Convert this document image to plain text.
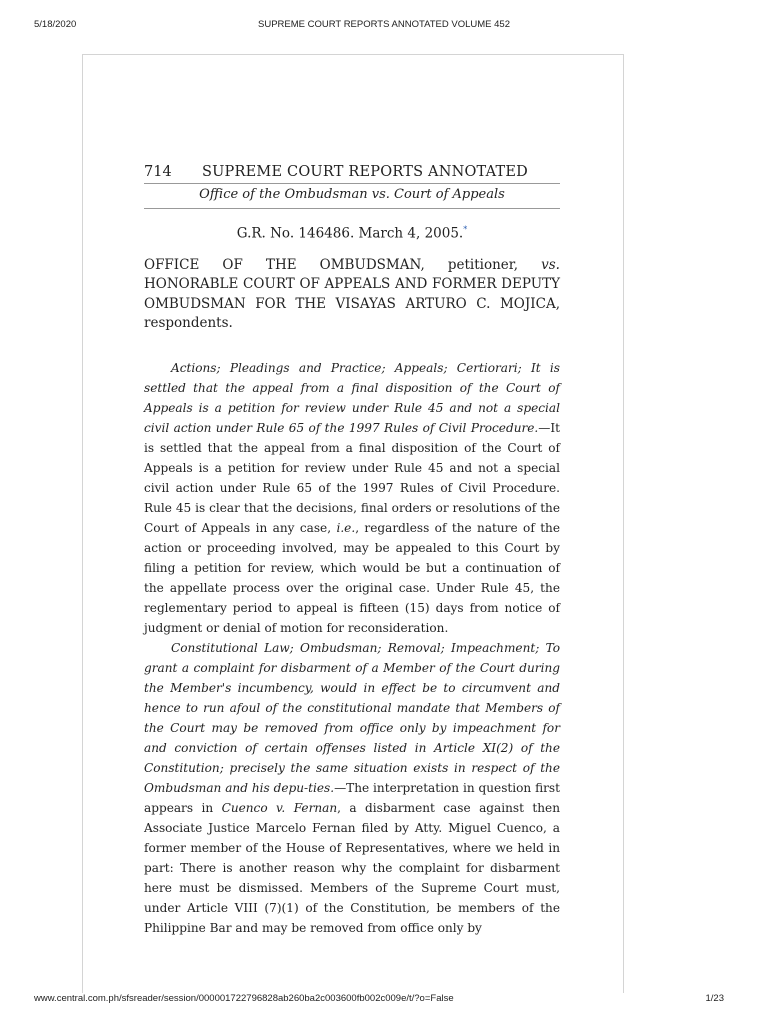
5/18/2020	SUPREME COURT REPORTS ANNOTATED VOLUME 452
714 SUPREME COURT REPORTS ANNOTATED
Office of the Ombudsman vs. Court of Appeals
G.R. No. 146486. March 4, 2005.*
OFFICE OF THE OMBUDSMAN, petitioner, vs. HONORABLE COURT OF APPEALS AND FORMER DEPUTY OMBUDSMAN FOR THE VISAYAS ARTURO C. MOJICA, respondents.

Actions; Pleadings and Practice; Appeals; Certiorari; It is settled that the appeal from a final disposition of the Court of Appeals is a petition for review under Rule 45 and not a special civil action under Rule 65 of the 1997 Rules of Civil Procedure.—It is settled that the appeal from a final disposition of the Court of Appeals is a petition for review under Rule 45 and not a special civil action under Rule 65 of the 1997 Rules of Civil Procedure. Rule 45 is clear that the decisions, final orders or resolutions of the Court of Appeals in any case, i.e., regardless of the nature of the action or proceeding involved, may be appealed to this Court by filing a petition for review, which would be but a continuation of the appellate process over the original case. Under Rule 45, the reglementary period to appeal is fifteen (15) days from notice of judgment or denial of motion for reconsideration.

Constitutional Law; Ombudsman; Removal; Impeachment; To grant a complaint for disbarment of a Member of the Court during the Member's incumbency, would in effect be to circumvent and hence to run afoul of the constitutional mandate that Members of the Court may be removed from office only by impeachment for and conviction of certain offenses listed in Article XI(2) of the Constitution; precisely the same situation exists in respect of the Ombudsman and his depu-ties.—The interpretation in question first appears in Cuenco v. Fernan, a disbarment case against then Associate Justice Marcelo Fernan filed by Atty. Miguel Cuenco, a former member of the House of Representatives, where we held in part: There is another reason why the complaint for disbarment here must be dismissed. Members of the Supreme Court must, under Article VIII (7)(1) of the Constitution, be members of the Philippine Bar and may be removed from office only by

www.central.com.ph/sfsreader/session/000001722796828ab260ba2c003600fb002c009e/t/?o=False	1/23
